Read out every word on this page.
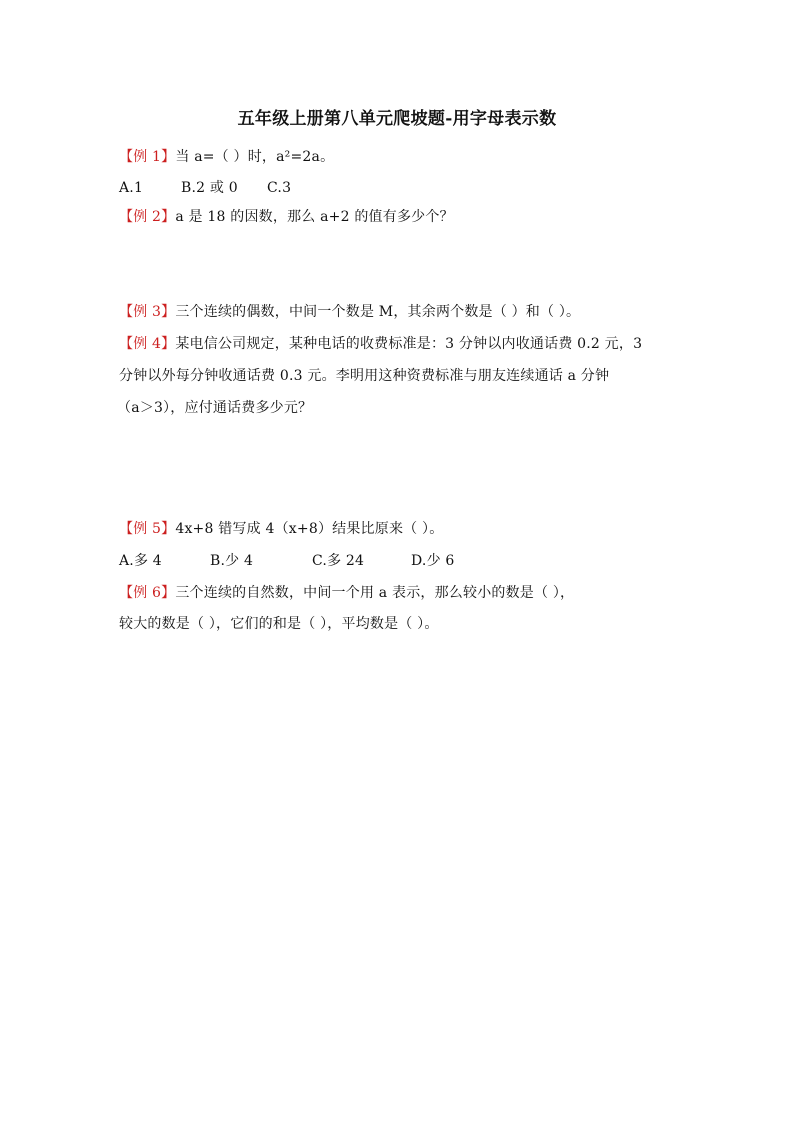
五年级上册第八单元爬坡题-用字母表示数
【例 1】当 a=（ ）时，a²=2a。
A.1	B.2 或 0 C.3
【例 2】a 是 18 的因数，那么 a+2 的值有多少个？
【例 3】三个连续的偶数，中间一个数是 M，其余两个数是（ ）和（ ）。
【例 4】某电信公司规定，某种电话的收费标准是：3 分钟以内收通话费 0.2 元，3
分钟以外每分钟收通话费 0.3 元。李明用这种资费标准与朋友连续通话 a 分钟
（a＞3），应付通话费多少元？
【例 5】4x+8 错写成 4（x+8）结果比原来（ ）。
A.多 4	B.少 4	C.多 24	D.少 6
【例 6】三个连续的自然数，中间一个用 a 表示，那么较小的数是（ ），
较大的数是（ ），它们的和是（ ），平均数是（ ）。
